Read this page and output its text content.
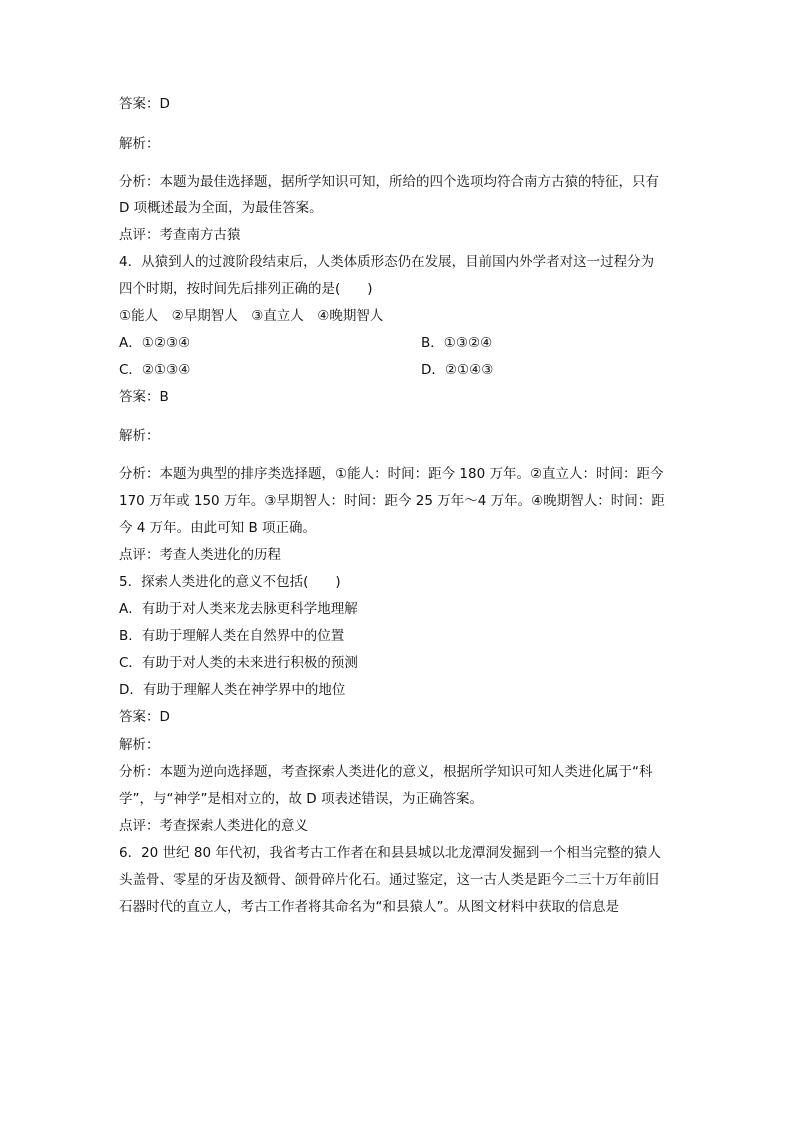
答案：D
解析：
分析：本题为最佳选择题，据所学知识可知，所给的四个选项均符合南方古猿的特征，只有
D 项概述最为全面，为最佳答案。
点评：考查南方古猿
4．从猿到人的过渡阶段结束后，人类体质形态仍在发展，目前国内外学者对这一过程分为
四个时期，按时间先后排列正确的是(　　)
①能人　②早期智人　③直立人　④晚期智人
A．①②③④	B．①③②④
C．②①③④	D．②①④③
答案：B
解析：
分析：本题为典型的排序类选择题，①能人：时间：距今 180 万年。②直立人：时间：距今
170 万年或 150 万年。③早期智人：时间：距今 25 万年～4 万年。④晚期智人：时间：距
今 4 万年。由此可知 B 项正确。
点评：考查人类进化的历程
5．探索人类进化的意义不包括(　　)
A．有助于对人类来龙去脉更科学地理解
B．有助于理解人类在自然界中的位置
C．有助于对人类的未来进行积极的预测
D．有助于理解人类在神学界中的地位
答案：D
解析：
分析：本题为逆向选择题，考查探索人类进化的意义，根据所学知识可知人类进化属于“科
学”，与“神学”是相对立的，故 D 项表述错误，为正确答案。
点评：考查探索人类进化的意义
6．20 世纪 80 年代初，我省考古工作者在和县县城以北龙潭洞发掘到一个相当完整的猿人
头盖骨、零星的牙齿及额骨、颌骨碎片化石。通过鉴定，这一古人类是距今二三十万年前旧
石器时代的直立人，考古工作者将其命名为“和县猿人”。从图文材料中获取的信息是
